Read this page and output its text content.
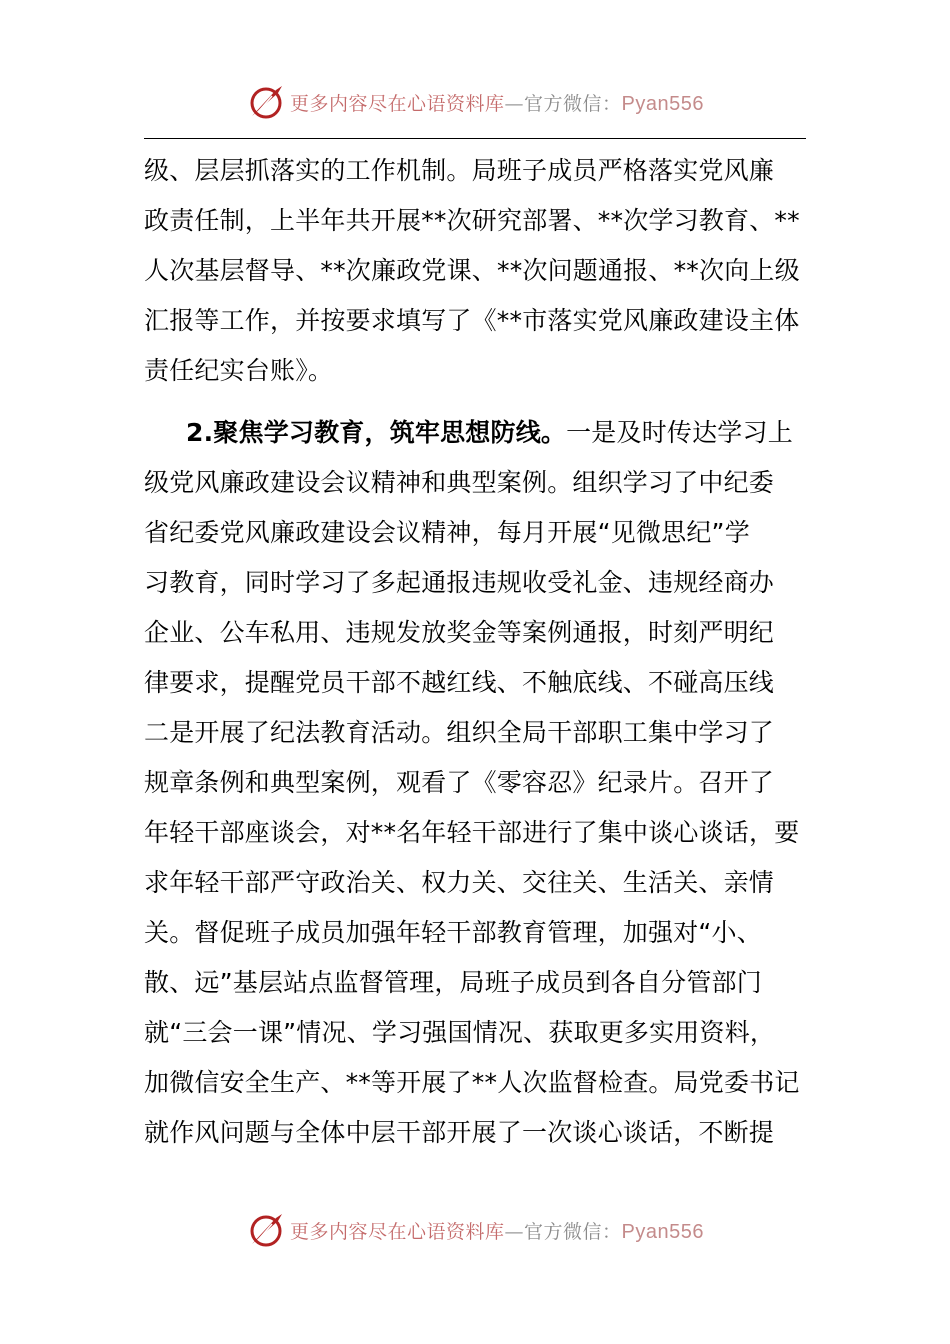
更多内容尽在心语资料库—官方微信：Pyan556
级、层层抓落实的工作机制。局班子成员严格落实党风廉
政责任制，上半年共开展**次研究部署、**次学习教育、**
人次基层督导、**次廉政党课、**次问题通报、**次向上级
汇报等工作，并按要求填写了《**市落实党风廉政建设主体
责任纪实台账》。
2.聚焦学习教育，筑牢思想防线。一是及时传达学习上
级党风廉政建设会议精神和典型案例。组织学习了中纪委
省纪委党风廉政建设会议精神，每月开展“见微思纪”学
习教育，同时学习了多起通报违规收受礼金、违规经商办
企业、公车私用、违规发放奖金等案例通报，时刻严明纪
律要求，提醒党员干部不越红线、不触底线、不碰高压线
二是开展了纪法教育活动。组织全局干部职工集中学习了
规章条例和典型案例，观看了《零容忍》纪录片。召开了
年轻干部座谈会，对**名年轻干部进行了集中谈心谈话，要
求年轻干部严守政治关、权力关、交往关、生活关、亲情
关。督促班子成员加强年轻干部教育管理，加强对“小、
散、远”基层站点监督管理，局班子成员到各自分管部门
就“三会一课”情况、学习强国情况、获取更多实用资料，
加微信安全生产、**等开展了**人次监督检查。局党委书记
就作风问题与全体中层干部开展了一次谈心谈话，不断提
更多内容尽在心语资料库—官方微信：Pyan556
